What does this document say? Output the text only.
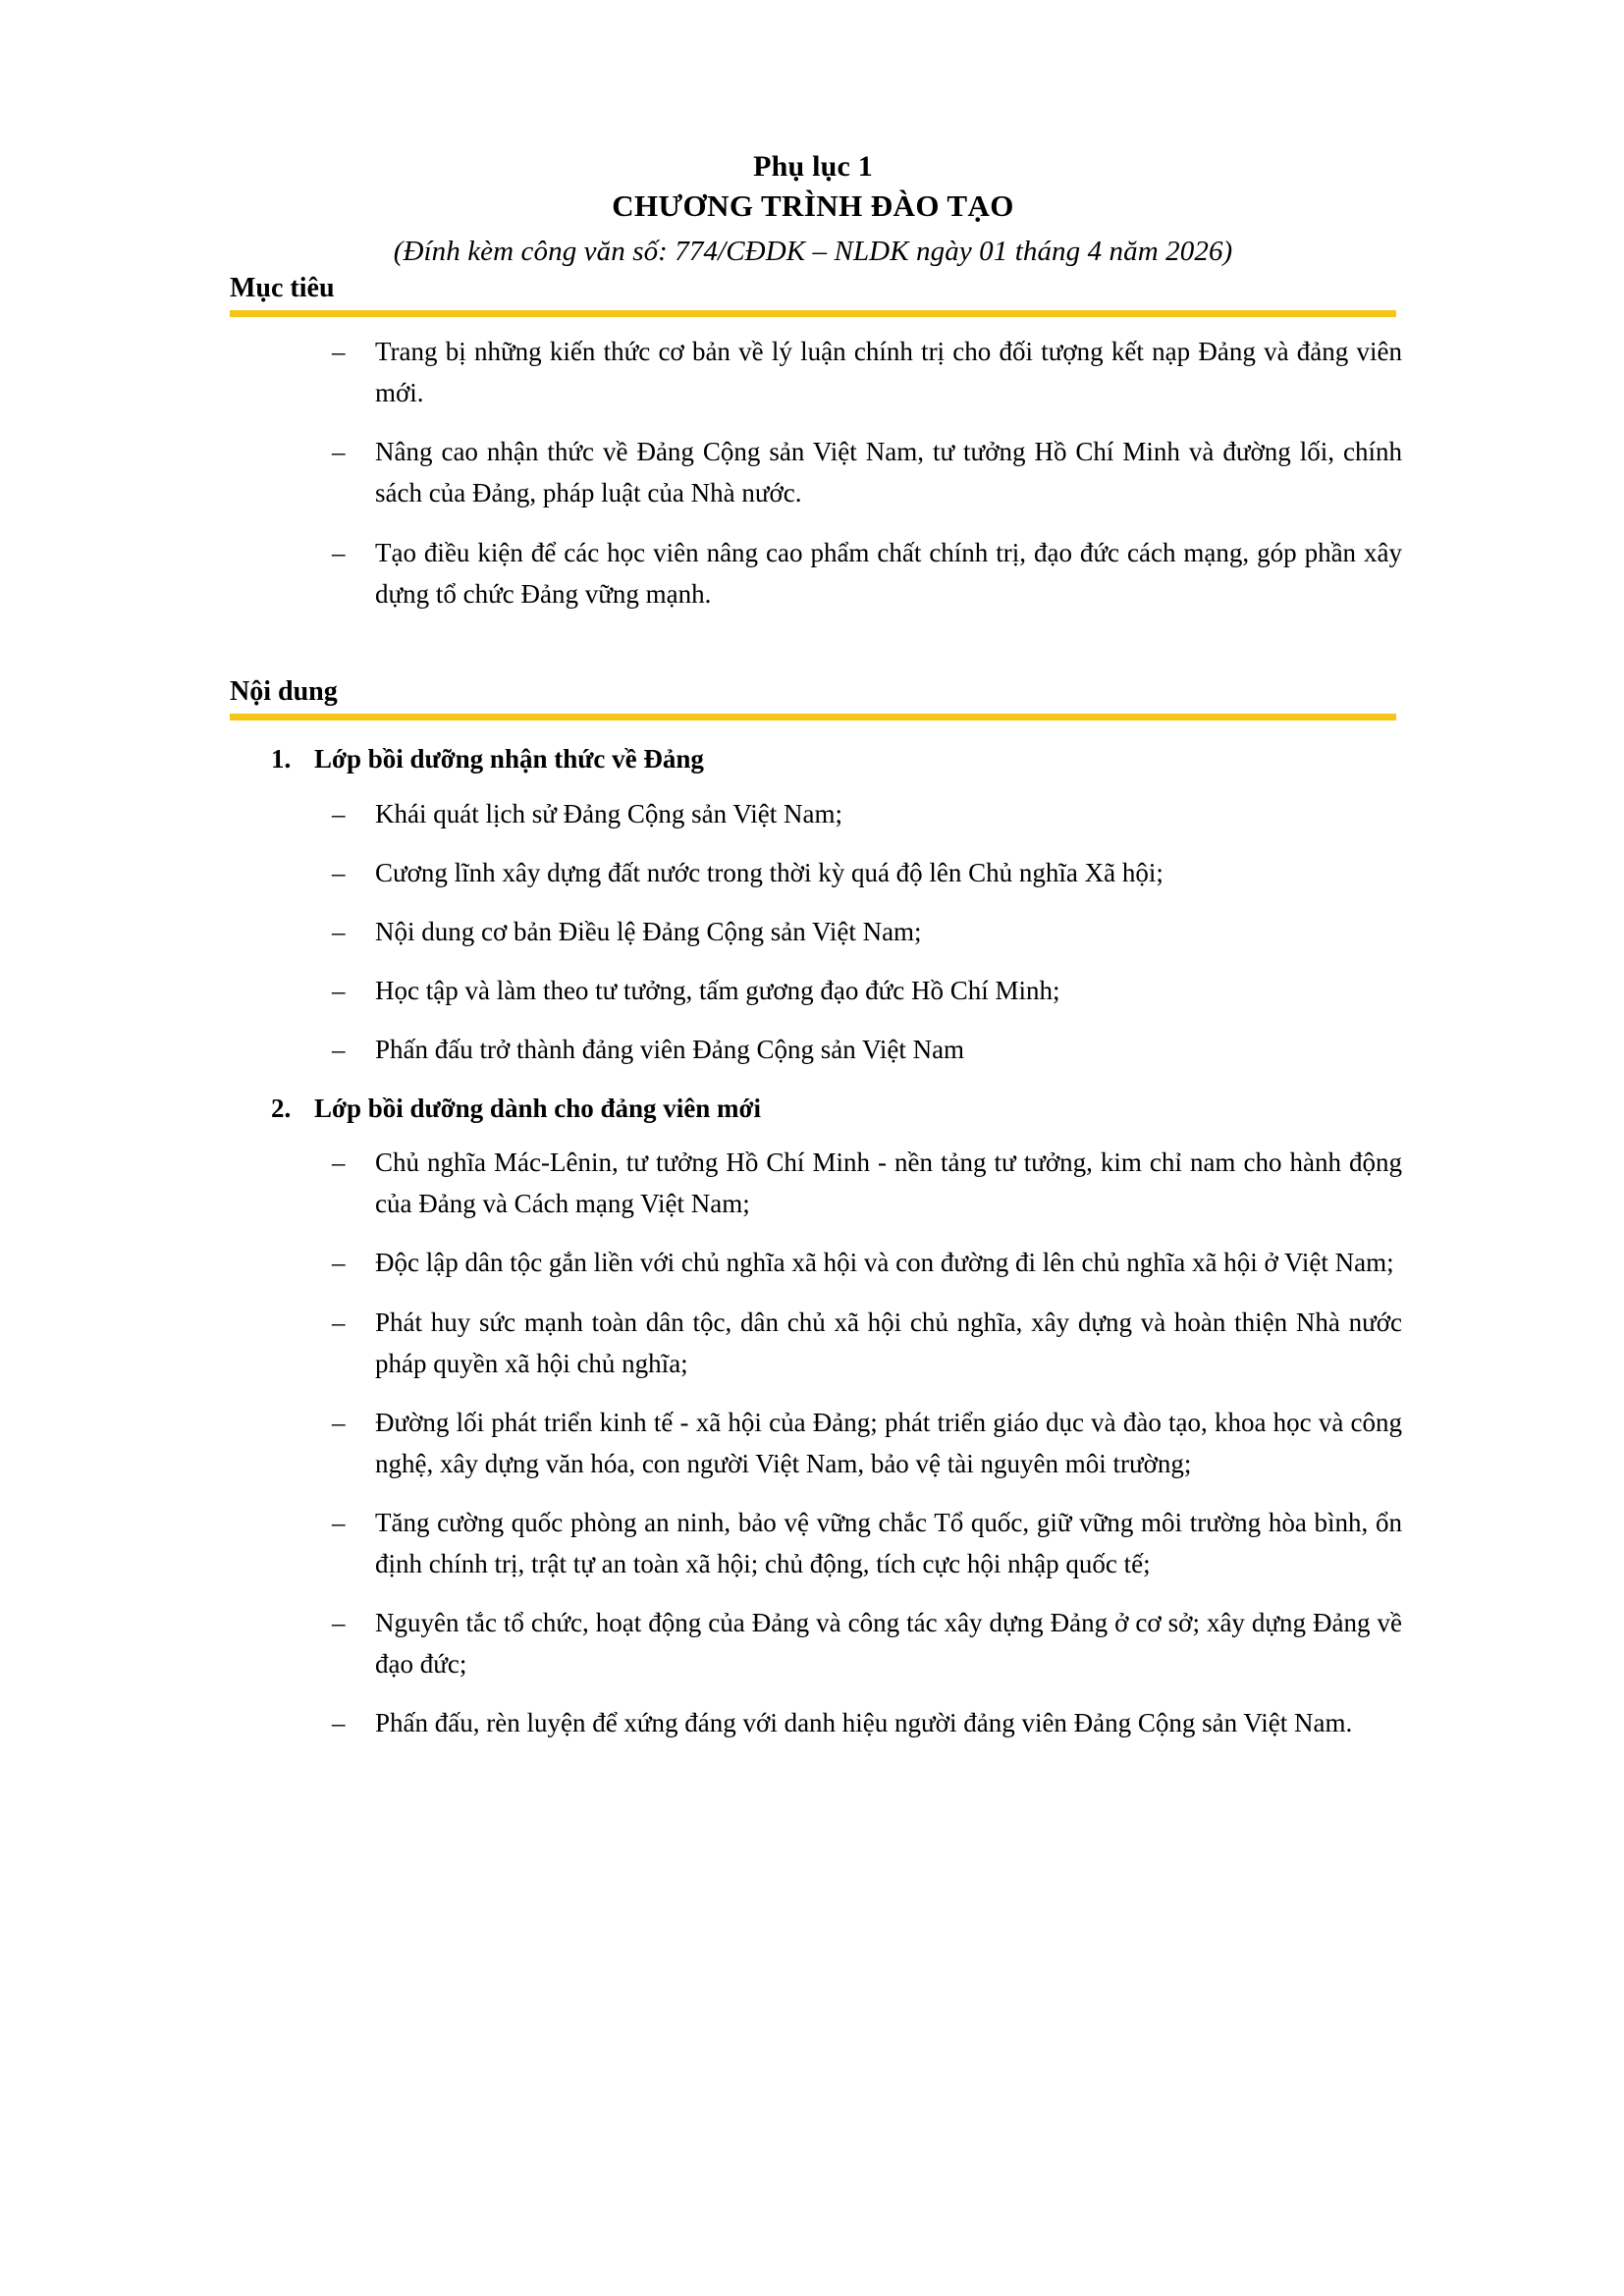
Phụ lục 1
CHƯƠNG TRÌNH ĐÀO TẠO
(Đính kèm công văn số: 774/CĐDK – NLDK ngày 01 tháng 4 năm 2026)
Mục tiêu
–	Trang bị những kiến thức cơ bản về lý luận chính trị cho đối tượng kết nạp Đảng và đảng viên mới.
–	Nâng cao nhận thức về Đảng Cộng sản Việt Nam, tư tưởng Hồ Chí Minh và đường lối, chính sách của Đảng, pháp luật của Nhà nước.
–	Tạo điều kiện để các học viên nâng cao phẩm chất chính trị, đạo đức cách mạng, góp phần xây dựng tổ chức Đảng vững mạnh.
Nội dung
1. Lớp bồi dưỡng nhận thức về Đảng
–	Khái quát lịch sử Đảng Cộng sản Việt Nam;
–	Cương lĩnh xây dựng đất nước trong thời kỳ quá độ lên Chủ nghĩa Xã hội;
–	Nội dung cơ bản Điều lệ Đảng Cộng sản Việt Nam;
–	Học tập và làm theo tư tưởng, tấm gương đạo đức Hồ Chí Minh;
–	Phấn đấu trở thành đảng viên Đảng Cộng sản Việt Nam
2. Lớp bồi dưỡng dành cho đảng viên mới
–	Chủ nghĩa Mác-Lênin, tư tưởng Hồ Chí Minh - nền tảng tư tưởng, kim chỉ nam cho hành động của Đảng và Cách mạng Việt Nam;
–	Độc lập dân tộc gắn liền với chủ nghĩa xã hội và con đường đi lên chủ nghĩa xã hội ở Việt Nam;
–	Phát huy sức mạnh toàn dân tộc, dân chủ xã hội chủ nghĩa, xây dựng và hoàn thiện Nhà nước pháp quyền xã hội chủ nghĩa;
–	Đường lối phát triển kinh tế - xã hội của Đảng; phát triển giáo dục và đào tạo, khoa học và công nghệ, xây dựng văn hóa, con người Việt Nam, bảo vệ tài nguyên môi trường;
–	Tăng cường quốc phòng an ninh, bảo vệ vững chắc Tổ quốc, giữ vững môi trường hòa bình, ổn định chính trị, trật tự an toàn xã hội; chủ động, tích cực hội nhập quốc tế;
–	Nguyên tắc tổ chức, hoạt động của Đảng và công tác xây dựng Đảng ở cơ sở; xây dựng Đảng về đạo đức;
–	Phấn đấu, rèn luyện để xứng đáng với danh hiệu người đảng viên Đảng Cộng sản Việt Nam.
